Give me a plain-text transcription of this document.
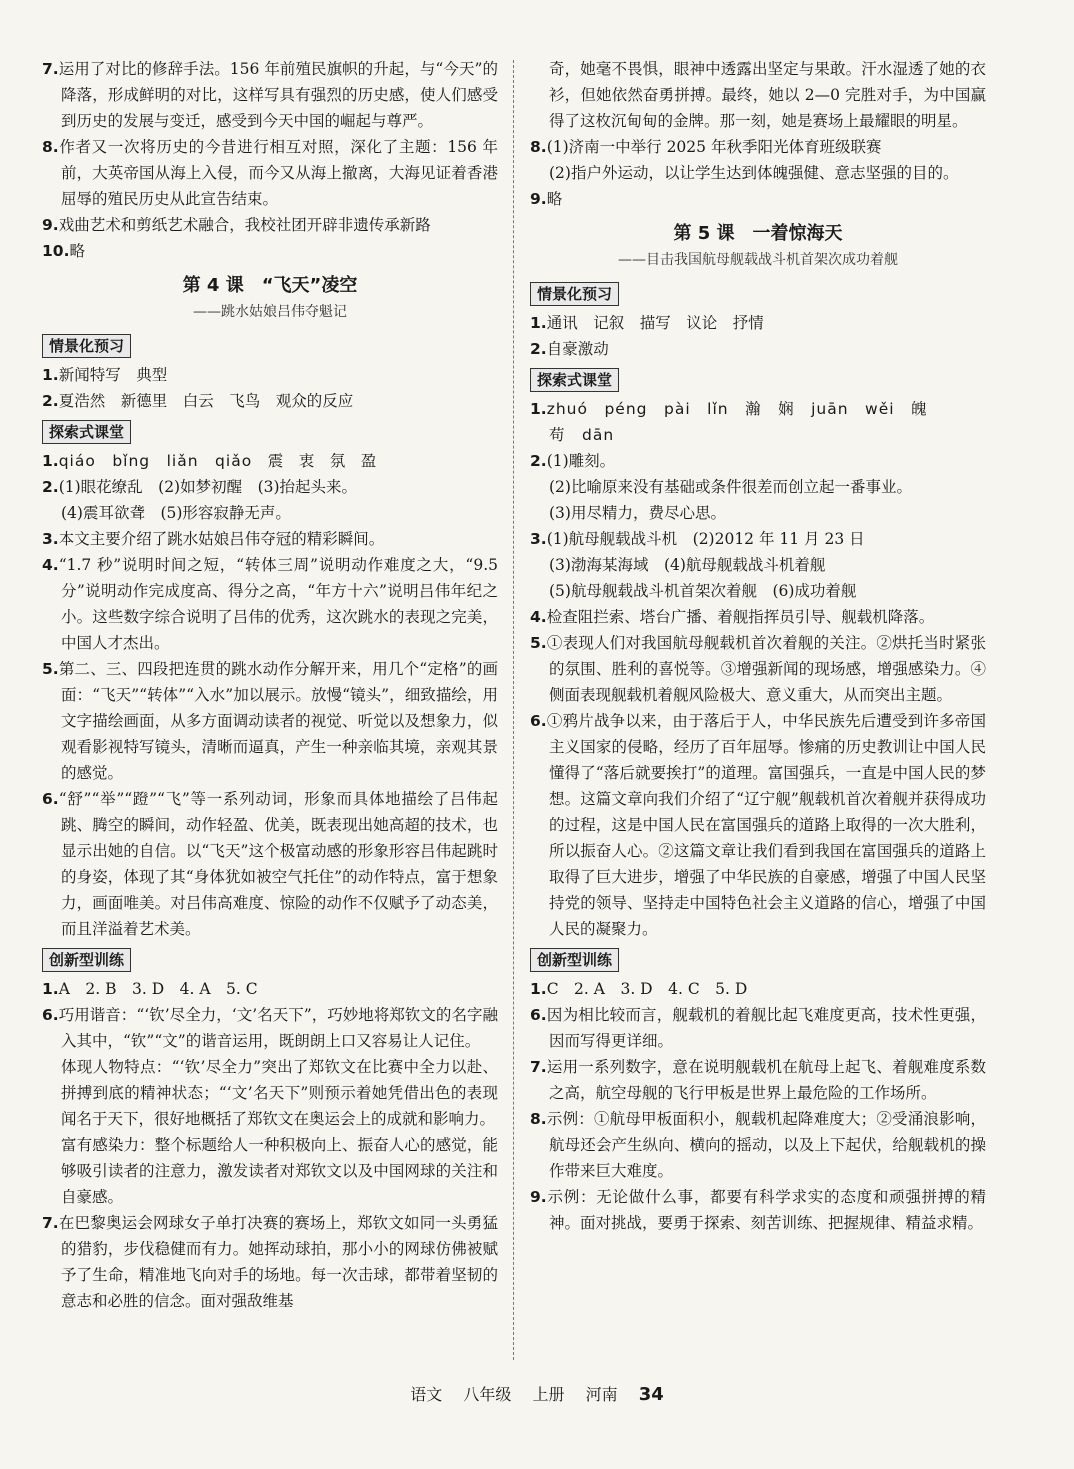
7.运用了对比的修辞手法。156 年前殖民旗帜的升起，与“今天”的降落，形成鲜明的对比，这样写具有强烈的历史感，使人们感受到历史的发展与变迁，感受到今天中国的崛起与尊严。

8.作者又一次将历史的今昔进行相互对照，深化了主题：156 年前，大英帝国从海上入侵，而今又从海上撤离，大海见证着香港屈辱的殖民历史从此宣告结束。

9.戏曲艺术和剪纸艺术融合，我校社团开辟非遗传承新路

10.略

第 4 课　“飞天”凌空
——跳水姑娘吕伟夺魁记
情景化预习

1.新闻特写　典型

2.夏浩然　新德里　白云　飞鸟　观众的反应

探索式课堂

1.qiáo　bǐng　liǎn　qiǎo　震　衷　氛　盈

2.(1)眼花缭乱　(2)如梦初醒　(3)抬起头来。

(4)震耳欲聋　(5)形容寂静无声。

3.本文主要介绍了跳水姑娘吕伟夺冠的精彩瞬间。

4.“1.7 秒”说明时间之短，“转体三周”说明动作难度之大，“9.5 分”说明动作完成度高、得分之高，“年方十六”说明吕伟年纪之小。这些数字综合说明了吕伟的优秀，这次跳水的表现之完美，中国人才杰出。

5.第二、三、四段把连贯的跳水动作分解开来，用几个“定格”的画面：“飞天”“转体”“入水”加以展示。放慢“镜头”，细致描绘，用文字描绘画面，从多方面调动读者的视觉、听觉以及想象力，似观看影视特写镜头，清晰而逼真，产生一种亲临其境，亲观其景的感觉。

6.“舒”“举”“蹬”“飞”等一系列动词，形象而具体地描绘了吕伟起跳、腾空的瞬间，动作轻盈、优美，既表现出她高超的技术，也显示出她的自信。以“飞天”这个极富动感的形象形容吕伟起跳时的身姿，体现了其“身体犹如被空气托住”的动作特点，富于想象力，画面唯美。对吕伟高难度、惊险的动作不仅赋予了动态美，而且洋溢着艺术美。

创新型训练

1.A　2. B　3. D　4. A　5. C

6.巧用谐音：“‘钦’尽全力，‘文’名天下”，巧妙地将郑钦文的名字融入其中，“钦”“文”的谐音运用，既朗朗上口又容易让人记住。

体现人物特点：“‘钦’尽全力”突出了郑钦文在比赛中全力以赴、拼搏到底的精神状态；“‘文’名天下”则预示着她凭借出色的表现闻名于天下，很好地概括了郑钦文在奥运会上的成就和影响力。

富有感染力：整个标题给人一种积极向上、振奋人心的感觉，能够吸引读者的注意力，激发读者对郑钦文以及中国网球的关注和自豪感。

7.在巴黎奥运会网球女子单打决赛的赛场上，郑钦文如同一头勇猛的猎豹，步伐稳健而有力。她挥动球拍，那小小的网球仿佛被赋予了生命，精准地飞向对手的场地。每一次击球，都带着坚韧的意志和必胜的信念。面对强敌维基

奇，她毫不畏惧，眼神中透露出坚定与果敢。汗水湿透了她的衣衫，但她依然奋勇拼搏。最终，她以 2—0 完胜对手，为中国赢得了这枚沉甸甸的金牌。那一刻，她是赛场上最耀眼的明星。

8.(1)济南一中举行 2025 年秋季阳光体育班级联赛

(2)指户外运动，以让学生达到体魄强健、意志坚强的目的。

9.略

第 5 课　一着惊海天
——目击我国航母舰载战斗机首架次成功着舰
情景化预习

1.通讯　记叙　描写　议论　抒情

2.自豪激动

探索式课堂

1.zhuó　péng　pài　lǐn　瀚　娴　juān　wěi　魄

苟　dān

2.(1)雕刻。

(2)比喻原来没有基础或条件很差而创立起一番事业。

(3)用尽精力，费尽心思。

3.(1)航母舰载战斗机　(2)2012 年 11 月 23 日

(3)渤海某海域　(4)航母舰载战斗机着舰

(5)航母舰载战斗机首架次着舰　(6)成功着舰

4.检查阻拦索、塔台广播、着舰指挥员引导、舰载机降落。

5.①表现人们对我国航母舰载机首次着舰的关注。②烘托当时紧张的氛围、胜利的喜悦等。③增强新闻的现场感，增强感染力。④侧面表现舰载机着舰风险极大、意义重大，从而突出主题。

6.①鸦片战争以来，由于落后于人，中华民族先后遭受到许多帝国主义国家的侵略，经历了百年屈辱。惨痛的历史教训让中国人民懂得了“落后就要挨打”的道理。富国强兵，一直是中国人民的梦想。这篇文章向我们介绍了“辽宁舰”舰载机首次着舰并获得成功的过程，这是中国人民在富国强兵的道路上取得的一次大胜利，所以振奋人心。②这篇文章让我们看到我国在富国强兵的道路上取得了巨大进步，增强了中华民族的自豪感，增强了中国人民坚持党的领导、坚持走中国特色社会主义道路的信心，增强了中国人民的凝聚力。

创新型训练

1.C　2. A　3. D　4. C　5. D

6.因为相比较而言，舰载机的着舰比起飞难度更高，技术性更强，因而写得更详细。

7.运用一系列数字，意在说明舰载机在航母上起飞、着舰难度系数之高，航空母舰的飞行甲板是世界上最危险的工作场所。

8.示例：①航母甲板面积小，舰载机起降难度大；②受涌浪影响，航母还会产生纵向、横向的摇动，以及上下起伏，给舰载机的操作带来巨大难度。

9.示例：无论做什么事，都要有科学求实的态度和顽强拼搏的精神。面对挑战，要勇于探索、刻苦训练、把握规律、精益求精。

语文 八年级 上册 河南 34
